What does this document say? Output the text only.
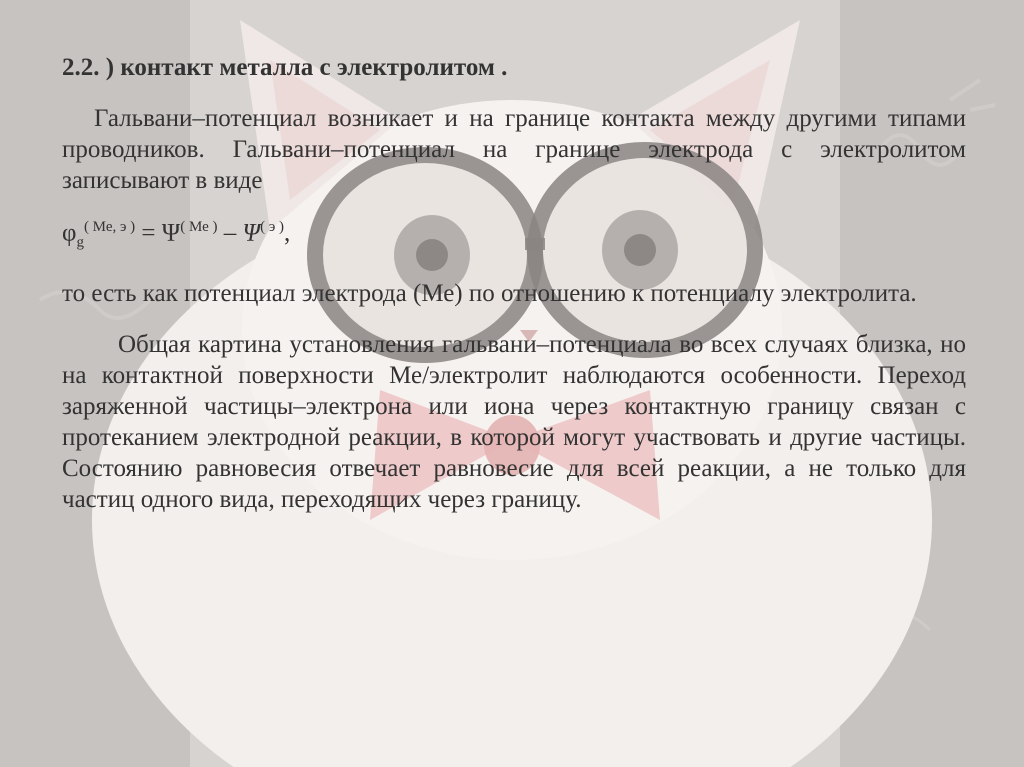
2.2. ) контакт металла с электролитом .

Гальвани–потенциал возникает и на границе контакта между другими типами проводников. Гальвани–потенциал на границе электрода с электролитом записывают в виде

$\varphi_g^{( Ме, э )} = \Psi^{( Ме )} - \Psi^{( э )}$,

то есть как потенциал электрода (Ме) по отношению к потенциалу электролита.

Общая картина установления гальвани–потенциала во всех случаях близка, но на контактной поверхности Ме/электролит наблюдаются особенности. Переход заряженной частицы–электрона или иона через контактную границу связан с протеканием электродной реакции, в которой могут участвовать и другие частицы. Состоянию равновесия отвечает равновесие для всей реакции, а не только для частиц одного вида, переходящих через границу.
